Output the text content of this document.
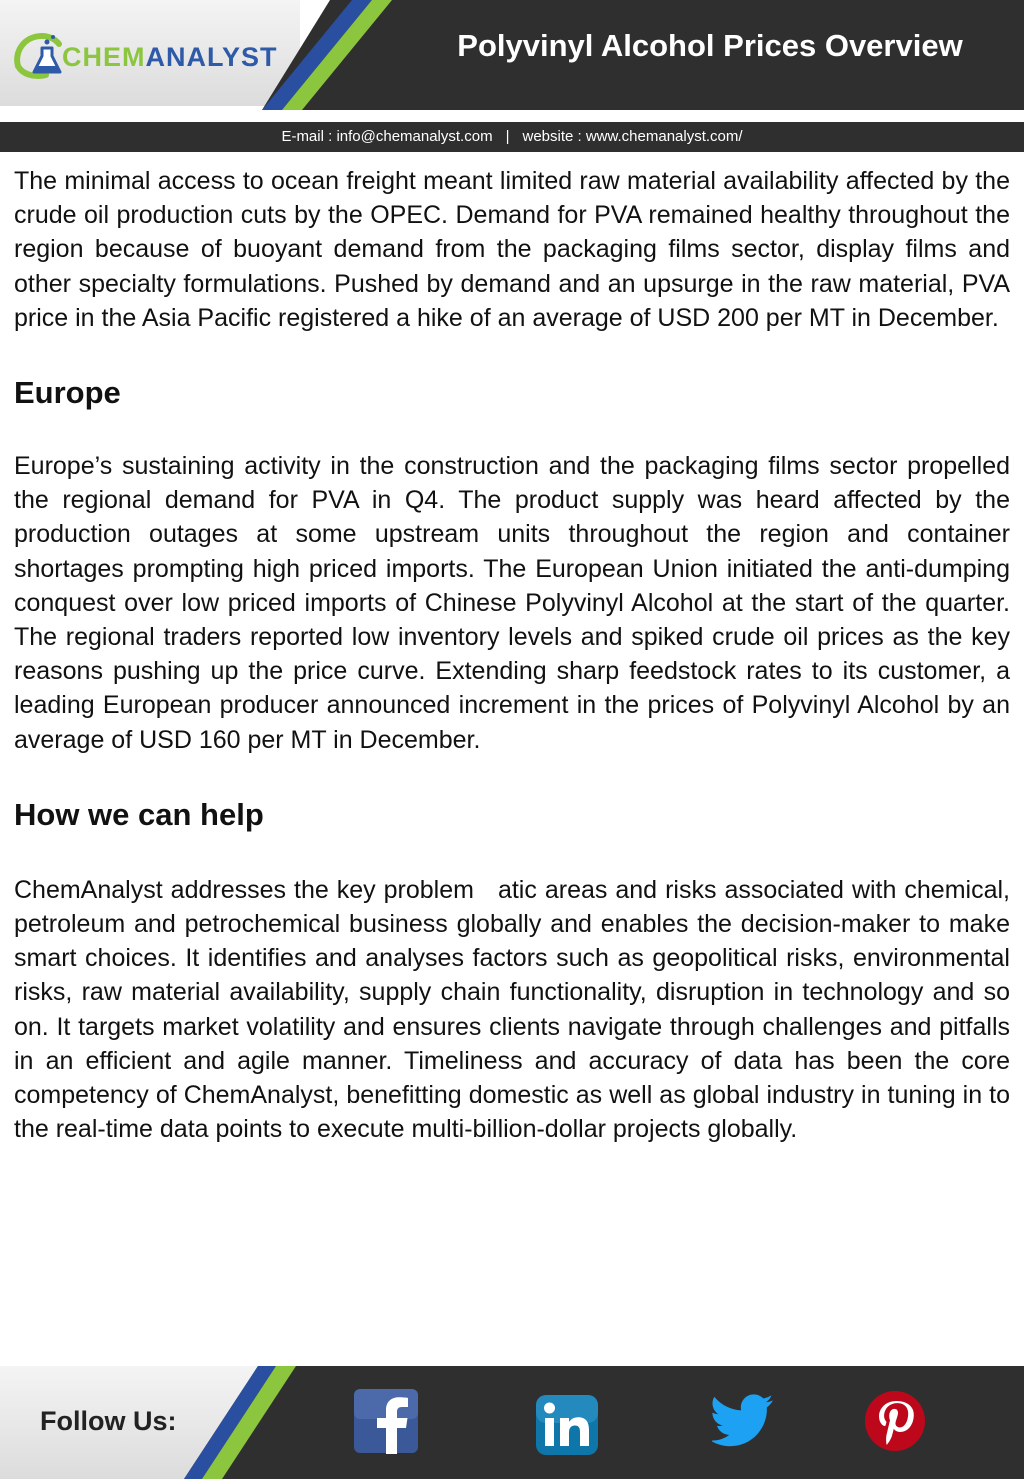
CHEMANALYST	Polyvinyl Alcohol Prices Overview
E-mail : info@chemanalyst.com | website : www.chemanalyst.com/

The minimal access to ocean freight meant limited raw material availability affected by the crude oil production cuts by the OPEC. Demand for PVA remained healthy throughout the region because of buoyant demand from the packaging films sector, display films and other specialty formulations. Pushed by demand and an upsurge in the raw material, PVA price in the Asia Pacific registered a hike of an average of USD 200 per MT in December.

Europe

Europe’s sustaining activity in the construction and the packaging films sector propelled the regional demand for PVA in Q4. The product supply was heard affected by the production outages at some upstream units throughout the region and container shortages prompting high priced imports. The European Union initiated the anti-dumping conquest over low priced imports of Chinese Polyvinyl Alcohol at the start of the quarter. The regional traders reported low inventory levels and spiked crude oil prices as the key reasons pushing up the price curve. Extending sharp feedstock rates to its customer, a leading European producer announced increment in the prices of Polyvinyl Alcohol by an average of USD 160 per MT in December.

How we can help

ChemAnalyst addresses the key problem   atic areas and risks associated with chemical, petroleum and petrochemical business globally and enables the decision-maker to make smart choices. It identifies and analyses factors such as geopolitical risks, environmental risks, raw material availability, supply chain functionality, disruption in technology and so on. It targets market volatility and ensures clients navigate through challenges and pitfalls in an efficient and agile manner. Timeliness and accuracy of data has been the core competency of ChemAnalyst, benefitting domestic as well as global industry in tuning in to the real-time data points to execute multi-billion-dollar projects globally.

Follow Us:
